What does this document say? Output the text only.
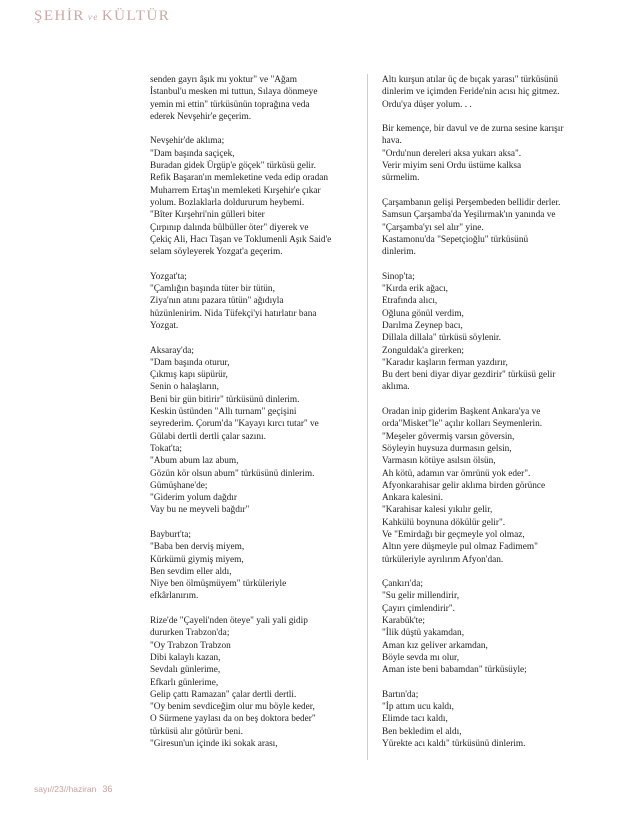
ŞEHİR ve KÜLTÜR

senden gayrı âşık mı yoktur" ve "Ağam
İstanbul'u mesken mi tuttun, Sılaya dönmeye
yemin mi ettin" türküsünün toprağına veda
ederek Nevşehir'e geçerim.

Nevşehir'de aklıma;
"Dam başında saçiçek,
Buradan gidek Ürgüp'e göçek" türküsü gelir.
Refik Başaran'ın memleketine veda edip oradan
Muharrem Ertaş'ın memleketi Kırşehir'e çıkar
yolum. Bozlaklarla doldururum heybemi.
"Bîter Kırşehri'nin gülleri biter
Çırpınıp dalında bülbüller öter" diyerek ve
Çekiç Ali, Hacı Taşan ve Toklumenli Aşık Said'e
selam söyleyerek Yozgat'a geçerim.

Yozgat'ta;
"Çamlığın başında tüter bir tütün,
Ziya'nın atını pazara tütün" ağıdıyla
hüzünlenirim. Nida Tüfekçi'yi hatırlatır bana
Yozgat.

Aksaray'da;
"Dam başında oturur,
Çıkmış kapı süpürür,
Senin o halaşların,
Beni bir gün bitirir" türküsünü dinlerim.
Keskin üstünden "Allı turnam" geçişini
seyrederim. Çorum'da "Kayayı kırcı tutar" ve
Gülabi dertli dertli çalar sazını.
Tokat'ta;
"Abum abum laz abum,
Gözün kör olsun abum" türküsünü dinlerim.
Gümüşhane'de;
"Giderim yolum dağdır
Vay bu ne meyveli bağdır"

Bayburt'ta;
"Baba ben derviş miyem,
Kürkümü giymiş miyem,
Ben sevdim eller aldı,
Niye ben ölmüşmüyem" türküleriyle
efkârlanırım.

Rize'de "Çayeli'nden öteye" yali yali gidip
dururken Trabzon'da;
"Oy Trabzon Trabzon
Dibi kalaylı kazan,
Sevdalı günlerime,
Efkarlı günlerime,
Gelip çattı Ramazan" çalar dertli dertli.
"Oy benim sevdiceğim olur mu böyle keder,
O Sürmene yaylası da on beş doktora beder"
türküsü alır götürür beni.
"Giresun'un içinde iki sokak arası,

Altı kurşun atılar üç de bıçak yarası" türküsünü
dinlerim ve içimden Feride'nin acısı hiç gitmez.
Ordu'ya düşer yolum. . .

Bir kemençe, bir davul ve de zurna sesine karışır
hava.
"Ordu'nun dereleri aksa yukarı aksa".
Verir miyim seni Ordu üstüme kalksa
sürmelim.

Çarşambanın gelişi Perşembeden bellidir derler.
Samsun Çarşamba'da Yeşilırmak'ın yanında ve
"Çarşamba'yı sel alır" yine.
Kastamonu'da "Sepetçioğlu" türküsünü
dinlerim.

Sinop'ta;
"Kırda erik ağacı,
Etrafında alıcı,
Oğluna gönül verdim,
Darılma Zeynep bacı,
Dillala dillala" türküsü söylenir.
Zonguldak'a girerken;
"Karadır kaşların ferman yazdırır,
Bu dert beni diyar diyar gezdirir" türküsü gelir
aklıma.

Oradan inip giderim Başkent Ankara'ya ve
orda"Misket"le" açılır kolları Seymenlerin.
"Meşeler gövermiş varsın göversin,
Söyleyin huysuza durmasın gelsin,
Varmasın kötüye asılsın ölsün,
Ah kötü, adamın var ömrünü yok eder".
Afyonkarahisar gelir aklıma birden görünce
Ankara kalesini.
"Karahisar kalesi yıkılır gelir,
Kahkülü boynuna dökülür gelir".
Ve "Emirdağı bir geçmeyle yol olmaz,
Altın yere düşmeyle pul olmaz Fadimem"
türküleriyle ayrılırım Afyon'dan.

Çankırı'da;
"Su gelir millendirir,
Çayırı çimlendirir".
Karabük'te;
"İlik düştü yakamdan,
Aman kız geliver arkamdan,
Böyle sevda mı olur,
Aman iste beni babamdan" türküsüyle;

Bartın'da;
"İp attım ucu kaldı,
Elimde tacı kaldı,
Ben bekledim el aldı,
Yürekte acı kaldı" türküsünü dinlerim.

sayı//23//haziran 36
